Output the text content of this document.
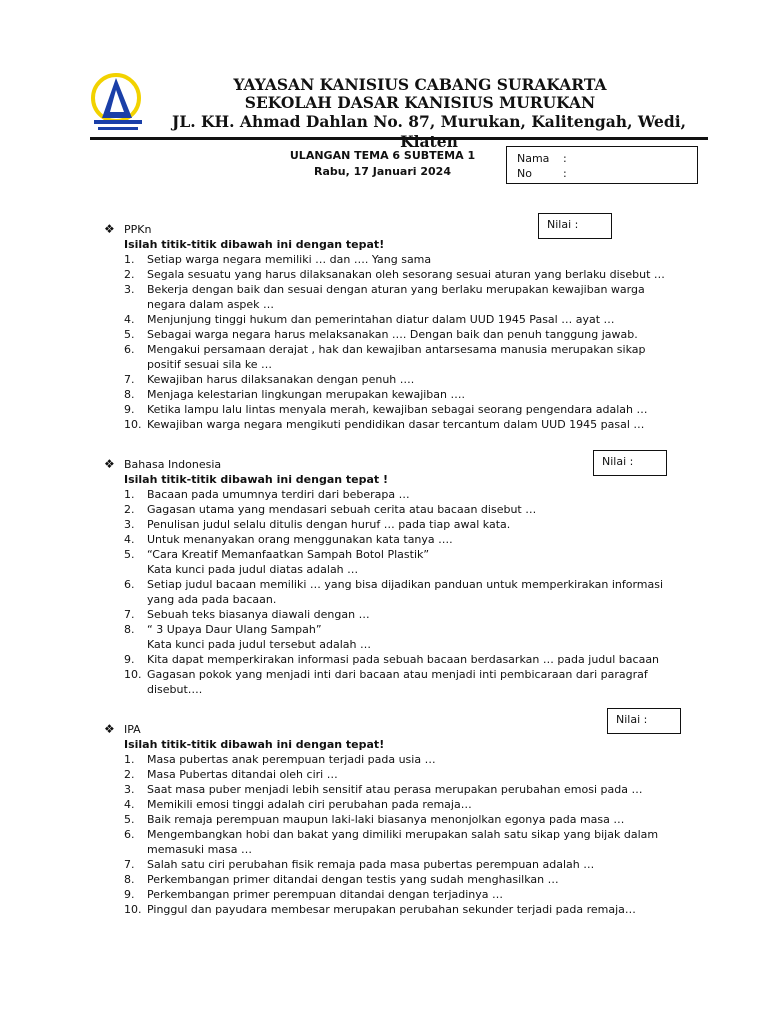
YAYASAN KANISIUS CABANG SURAKARTA
SEKOLAH DASAR KANISIUS MURUKAN
JL. KH. Ahmad Dahlan No. 87, Murukan, Kalitengah, Wedi, Klaten
ULANGAN TEMA 6 SUBTEMA 1
Rabu, 17 Januari 2024
Nama :
No	:
Nilai :
Nilai :
Nilai :
❖ PPKn
Isilah titik-titik dibawah ini dengan tepat!
1.	Setiap warga negara memiliki … dan …. Yang sama
2.	Segala sesuatu yang harus dilaksanakan oleh sesorang sesuai aturan yang berlaku disebut …
3.	Bekerja dengan baik dan sesuai dengan aturan yang berlaku merupakan kewajiban warga negara dalam aspek …
4.	Menjunjung tinggi hukum dan pemerintahan diatur dalam UUD 1945 Pasal … ayat …
5.	Sebagai warga negara harus melaksanakan …. Dengan baik dan penuh tanggung jawab.
6.	Mengakui persamaan derajat , hak dan kewajiban antarsesama manusia merupakan sikap positif sesuai sila ke …
7.	Kewajiban harus dilaksanakan dengan penuh ….
8.	Menjaga kelestarian lingkungan merupakan kewajiban ….
9.	Ketika lampu lalu lintas menyala merah, kewajiban sebagai seorang pengendara adalah …
10. Kewajiban warga negara mengikuti pendidikan dasar tercantum dalam UUD 1945 pasal …
❖ Bahasa Indonesia
Isilah titik-titik dibawah ini dengan tepat !
1.	Bacaan pada umumnya terdiri dari beberapa …
2.	Gagasan utama yang mendasari sebuah cerita atau bacaan disebut …
3.	Penulisan judul selalu ditulis dengan huruf … pada tiap awal kata.
4.	Untuk menanyakan orang menggunakan kata tanya ….
5.	“Cara Kreatif Memanfaatkan Sampah Botol Plastik”
Kata kunci pada judul diatas adalah …
6.	Setiap judul bacaan memiliki … yang bisa dijadikan panduan untuk memperkirakan informasi yang ada pada bacaan.
7.	Sebuah teks biasanya diawali dengan …
8.	“ 3 Upaya Daur Ulang Sampah”
Kata kunci pada judul tersebut adalah …
9.	Kita dapat memperkirakan informasi pada sebuah bacaan berdasarkan … pada judul bacaan
10. Gagasan pokok yang menjadi inti dari bacaan atau menjadi inti pembicaraan dari paragraf disebut….
❖ IPA
Isilah titik-titik dibawah ini dengan tepat!
1.	Masa pubertas anak perempuan terjadi pada usia …
2.	Masa Pubertas ditandai oleh ciri …
3.	Saat masa puber menjadi lebih sensitif atau perasa merupakan perubahan emosi pada …
4.	Memikili emosi tinggi adalah ciri perubahan pada remaja…
5.	Baik remaja perempuan maupun laki-laki biasanya menonjolkan egonya pada masa …
6.	Mengembangkan hobi dan bakat yang dimiliki merupakan salah satu sikap yang bijak dalam memasuki masa …
7.	Salah satu ciri perubahan fisik remaja pada masa pubertas perempuan adalah …
8.	Perkembangan primer ditandai dengan testis yang sudah menghasilkan …
9.	Perkembangan primer perempuan ditandai dengan terjadinya …
10. Pinggul dan payudara membesar merupakan perubahan sekunder terjadi pada remaja…
